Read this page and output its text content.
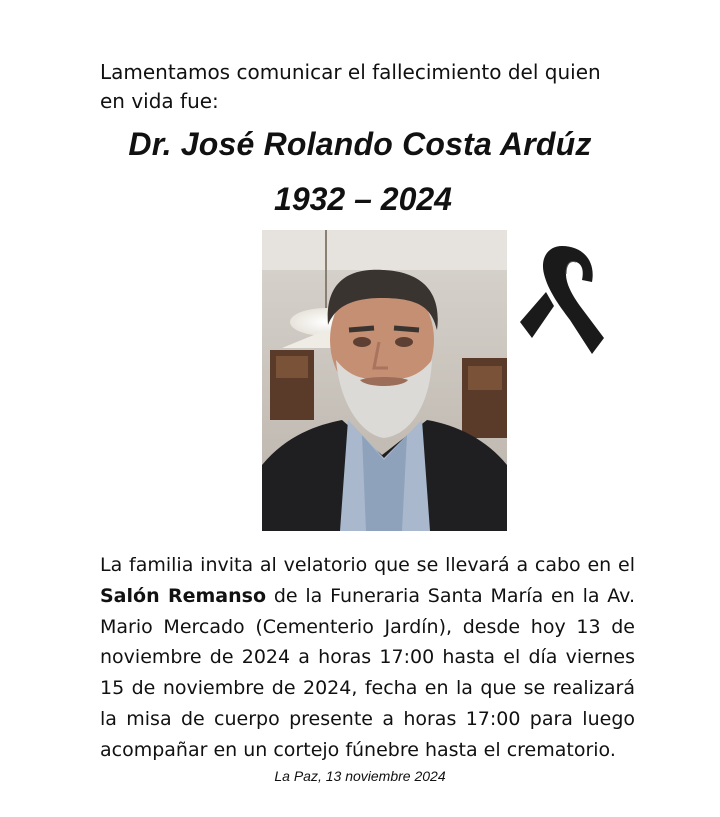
Lamentamos comunicar el fallecimiento del quien en vida fue:
Dr. José Rolando Costa Ardúz
1932 – 2024
La familia invita al velatorio que se llevará a cabo en el Salón Remanso de la Funeraria Santa María en la Av. Mario Mercado (Cementerio Jardín), desde hoy 13 de noviembre de 2024 a horas 17:00 hasta el día viernes 15 de noviembre de 2024, fecha en la que se realizará la misa de cuerpo presente a horas 17:00 para luego acompañar en un cortejo fúnebre hasta el crematorio.
La Paz, 13 noviembre 2024
